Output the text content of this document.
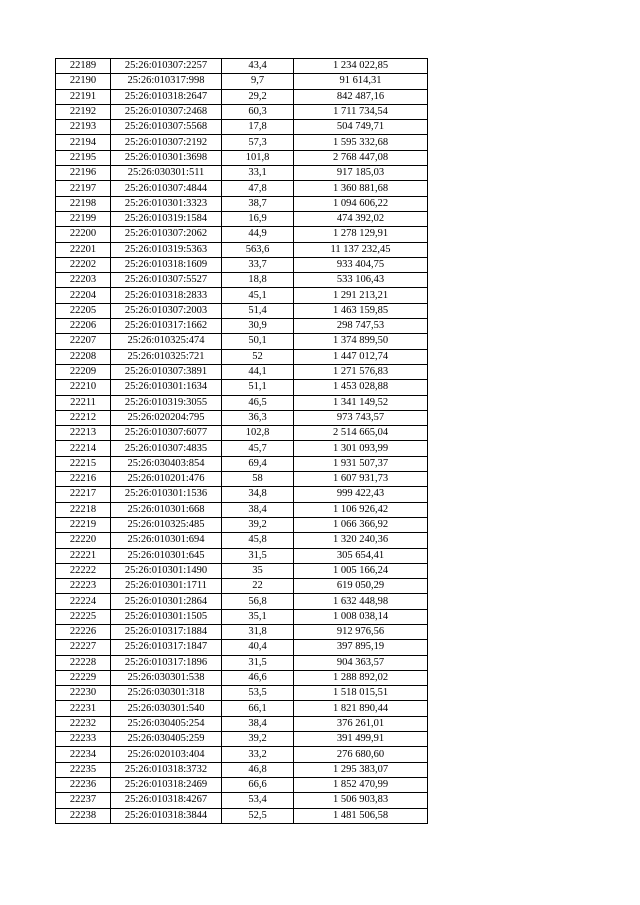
22189	25:26:010307:2257	43,4	1 234 022,85
22190	25:26:010317:998	9,7	91 614,31
22191	25:26:010318:2647	29,2	842 487,16
22192	25:26:010307:2468	60,3	1 711 734,54
22193	25:26:010307:5568	17,8	504 749,71
22194	25:26:010307:2192	57,3	1 595 332,68
22195	25:26:010301:3698	101,8	2 768 447,08
22196	25:26:030301:511	33,1	917 185,03
22197	25:26:010307:4844	47,8	1 360 881,68
22198	25:26:010301:3323	38,7	1 094 606,22
22199	25:26:010319:1584	16,9	474 392,02
22200	25:26:010307:2062	44,9	1 278 129,91
22201	25:26:010319:5363	563,6	11 137 232,45
22202	25:26:010318:1609	33,7	933 404,75
22203	25:26:010307:5527	18,8	533 106,43
22204	25:26:010318:2833	45,1	1 291 213,21
22205	25:26:010307:2003	51,4	1 463 159,85
22206	25:26:010317:1662	30,9	298 747,53
22207	25:26:010325:474	50,1	1 374 899,50
22208	25:26:010325:721	52	1 447 012,74
22209	25:26:010307:3891	44,1	1 271 576,83
22210	25:26:010301:1634	51,1	1 453 028,88
22211	25:26:010319:3055	46,5	1 341 149,52
22212	25:26:020204:795	36,3	973 743,57
22213	25:26:010307:6077	102,8	2 514 665,04
22214	25:26:010307:4835	45,7	1 301 093,99
22215	25:26:030403:854	69,4	1 931 507,37
22216	25:26:010201:476	58	1 607 931,73
22217	25:26:010301:1536	34,8	999 422,43
22218	25:26:010301:668	38,4	1 106 926,42
22219	25:26:010325:485	39,2	1 066 366,92
22220	25:26:010301:694	45,8	1 320 240,36
22221	25:26:010301:645	31,5	305 654,41
22222	25:26:010301:1490	35	1 005 166,24
22223	25:26:010301:1711	22	619 050,29
22224	25:26:010301:2864	56,8	1 632 448,98
22225	25:26:010301:1505	35,1	1 008 038,14
22226	25:26:010317:1884	31,8	912 976,56
22227	25:26:010317:1847	40,4	397 895,19
22228	25:26:010317:1896	31,5	904 363,57
22229	25:26:030301:538	46,6	1 288 892,02
22230	25:26:030301:318	53,5	1 518 015,51
22231	25:26:030301:540	66,1	1 821 890,44
22232	25:26:030405:254	38,4	376 261,01
22233	25:26:030405:259	39,2	391 499,91
22234	25:26:020103:404	33,2	276 680,60
22235	25:26:010318:3732	46,8	1 295 383,07
22236	25:26:010318:2469	66,6	1 852 470,99
22237	25:26:010318:4267	53,4	1 506 903,83
22238	25:26:010318:3844	52,5	1 481 506,58
